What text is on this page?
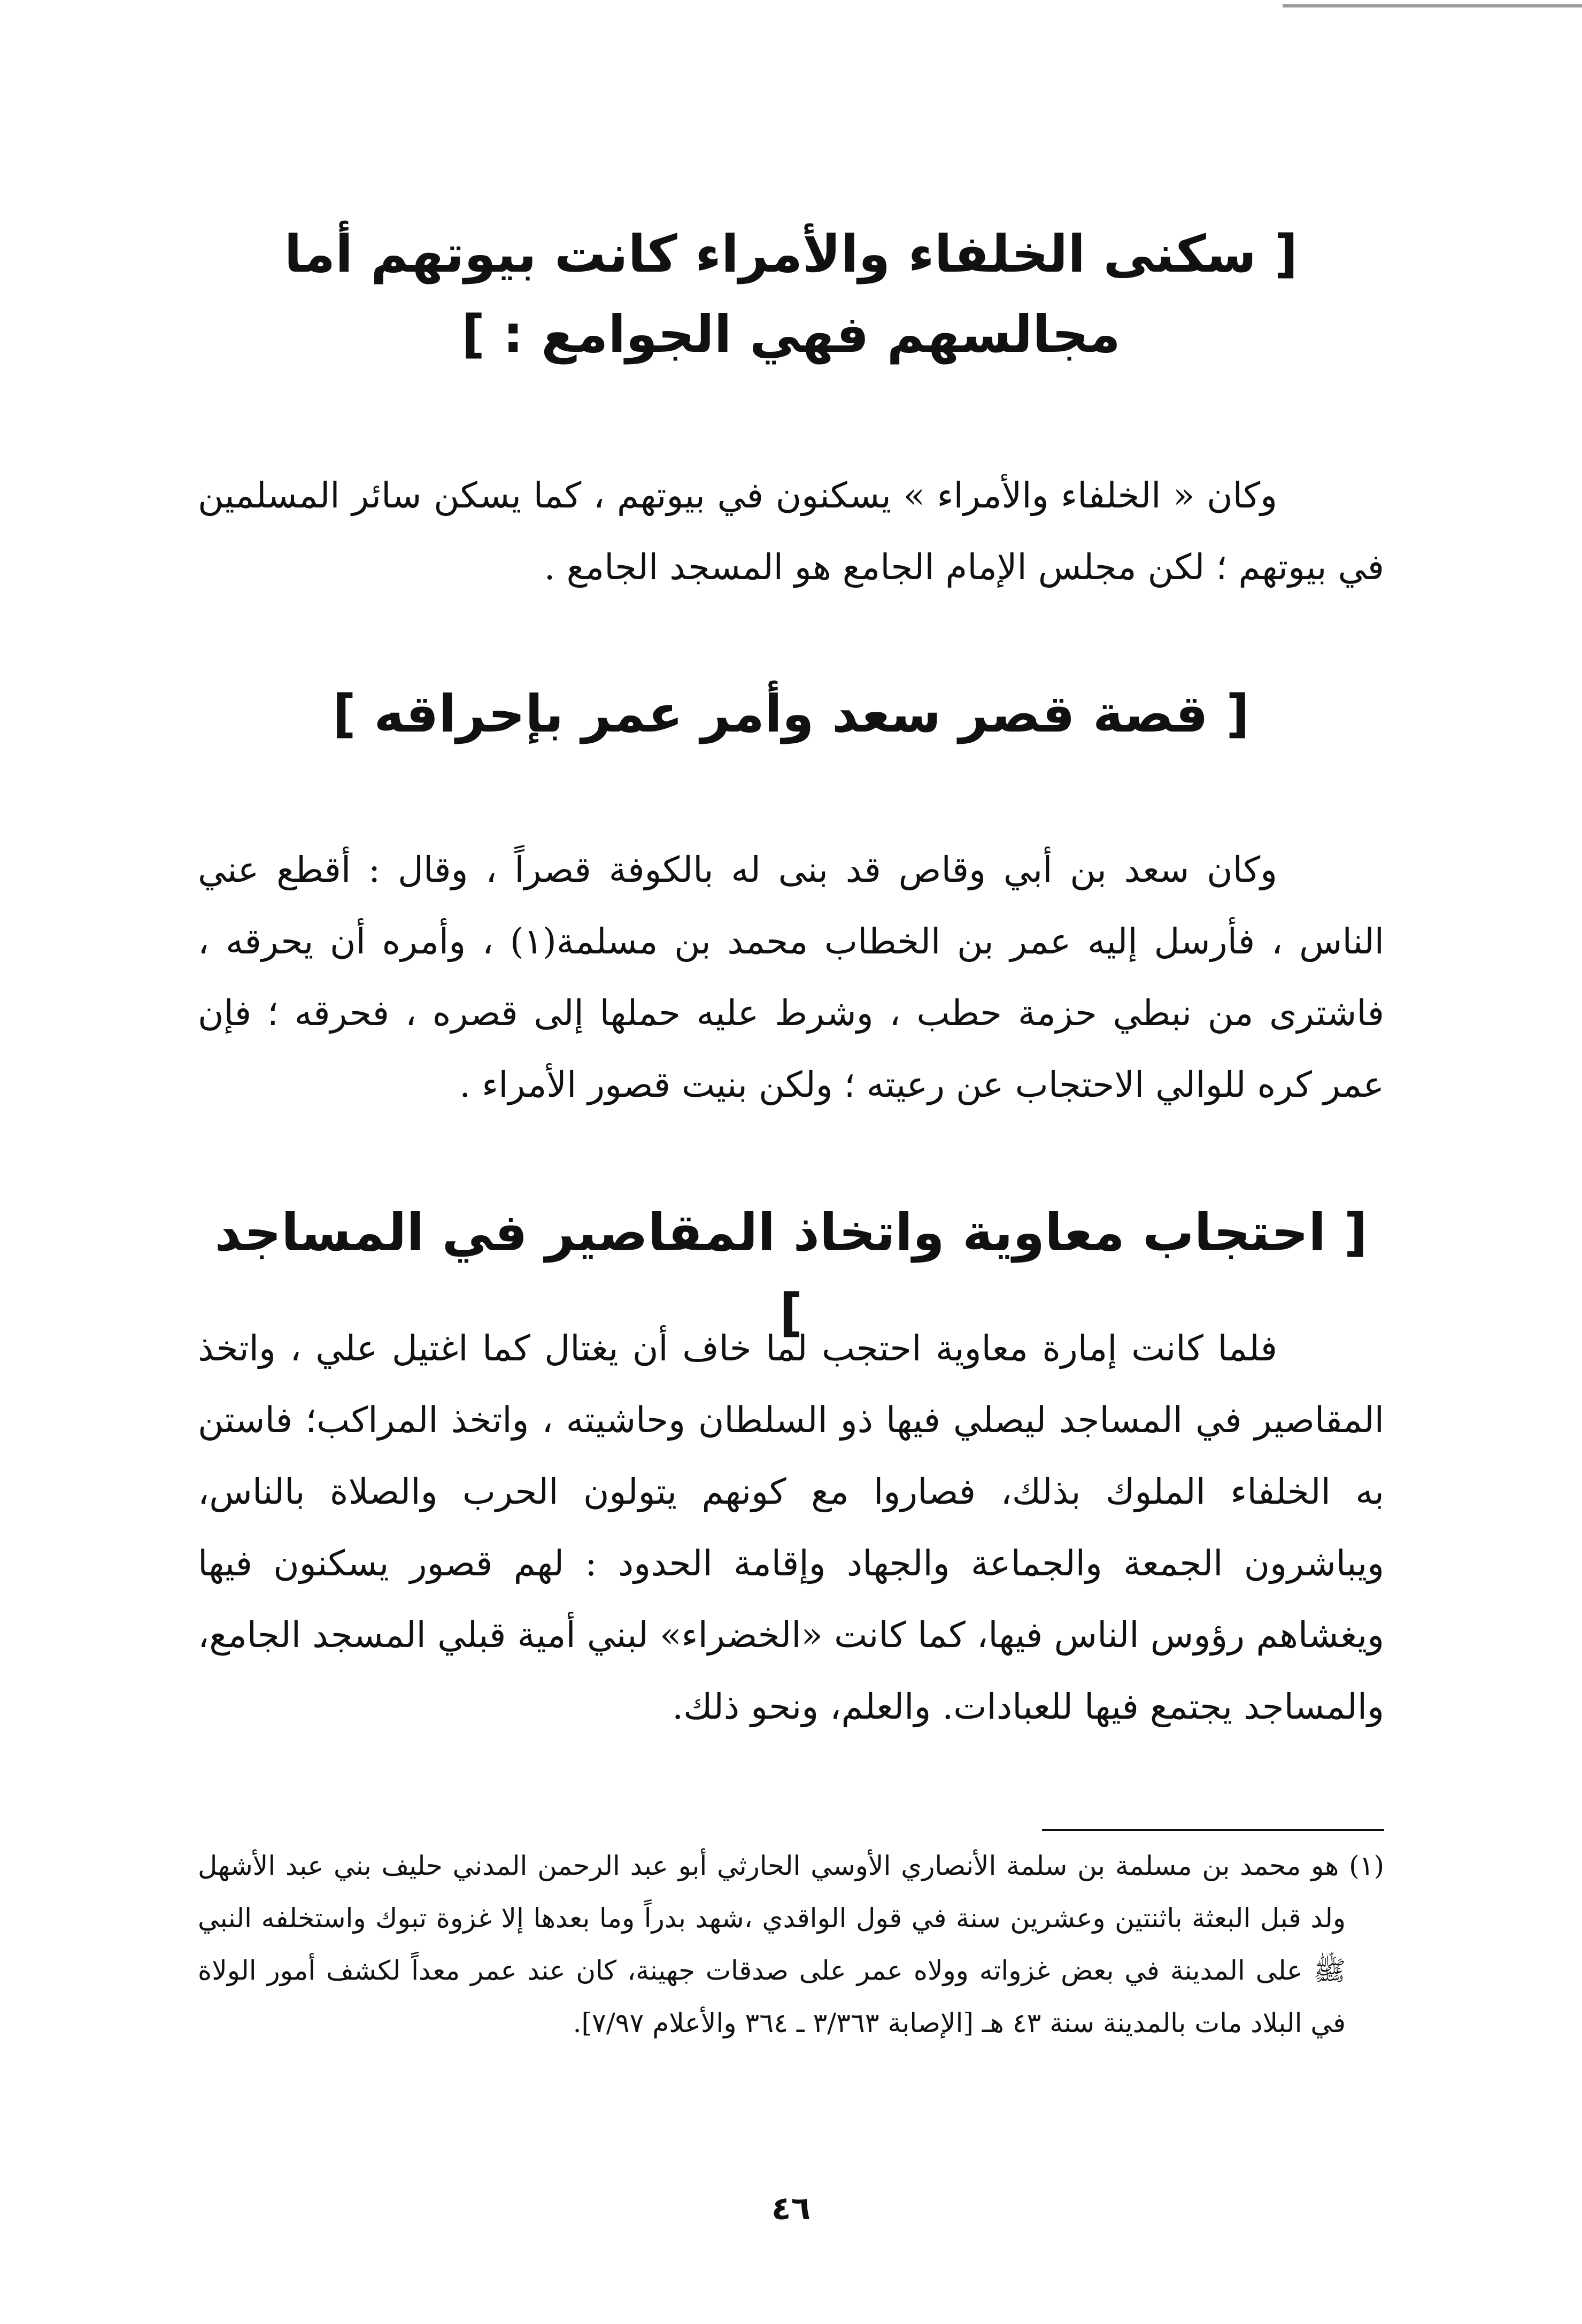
[ سكنى الخلفاء والأمراء كانت بيوتهم أما مجالسهم فهي الجوامع : ]

وكان « الخلفاء والأمراء » يسكنون في بيوتهم ، كما يسكن سائر المسلمين في بيوتهم ؛ لكن مجلس الإمام الجامع هو المسجد الجامع .

[ قصة قصر سعد وأمر عمر بإحراقه ]

وكان سعد بن أبي وقاص قد بنى له بالكوفة قصراً ، وقال : أقطع عني الناس ، فأرسل إليه عمر بن الخطاب محمد بن مسلمة(١) ، وأمره أن يحرقه ، فاشترى من نبطي حزمة حطب ، وشرط عليه حملها إلى قصره ، فحرقه ؛ فإن عمر كره للوالي الاحتجاب عن رعيته ؛ ولكن بنيت قصور الأمراء .

[ احتجاب معاوية واتخاذ المقاصير في المساجد ]

فلما كانت إمارة معاوية احتجب لما خاف أن يغتال كما اغتيل علي ، واتخذ المقاصير في المساجد ليصلي فيها ذو السلطان وحاشيته ، واتخذ المراكب؛ فاستن به الخلفاء الملوك بذلك، فصاروا مع كونهم يتولون الحرب والصلاة بالناس، ويباشرون الجمعة والجماعة والجهاد وإقامة الحدود : لهم قصور يسكنون فيها ويغشاهم رؤوس الناس فيها، كما كانت «الخضراء» لبني أمية قبلي المسجد الجامع، والمساجد يجتمع فيها للعبادات. والعلم، ونحو ذلك.

(١) هو محمد بن مسلمة بن سلمة الأنصاري الأوسي الحارثي أبو عبد الرحمن المدني حليف بني عبد الأشهل ولد قبل البعثة باثنتين وعشرين سنة في قول الواقدي ،شهد بدراً وما بعدها إلا غزوة تبوك واستخلفه النبي ﷺ على المدينة في بعض غزواته وولاه عمر على صدقات جهينة، كان عند عمر معداً لكشف أمور الولاة في البلاد مات بالمدينة سنة ٤٣ هـ [الإصابة ٣/٣٦٣ ـ ٣٦٤ والأعلام ٧/٩٧].

٤٦
